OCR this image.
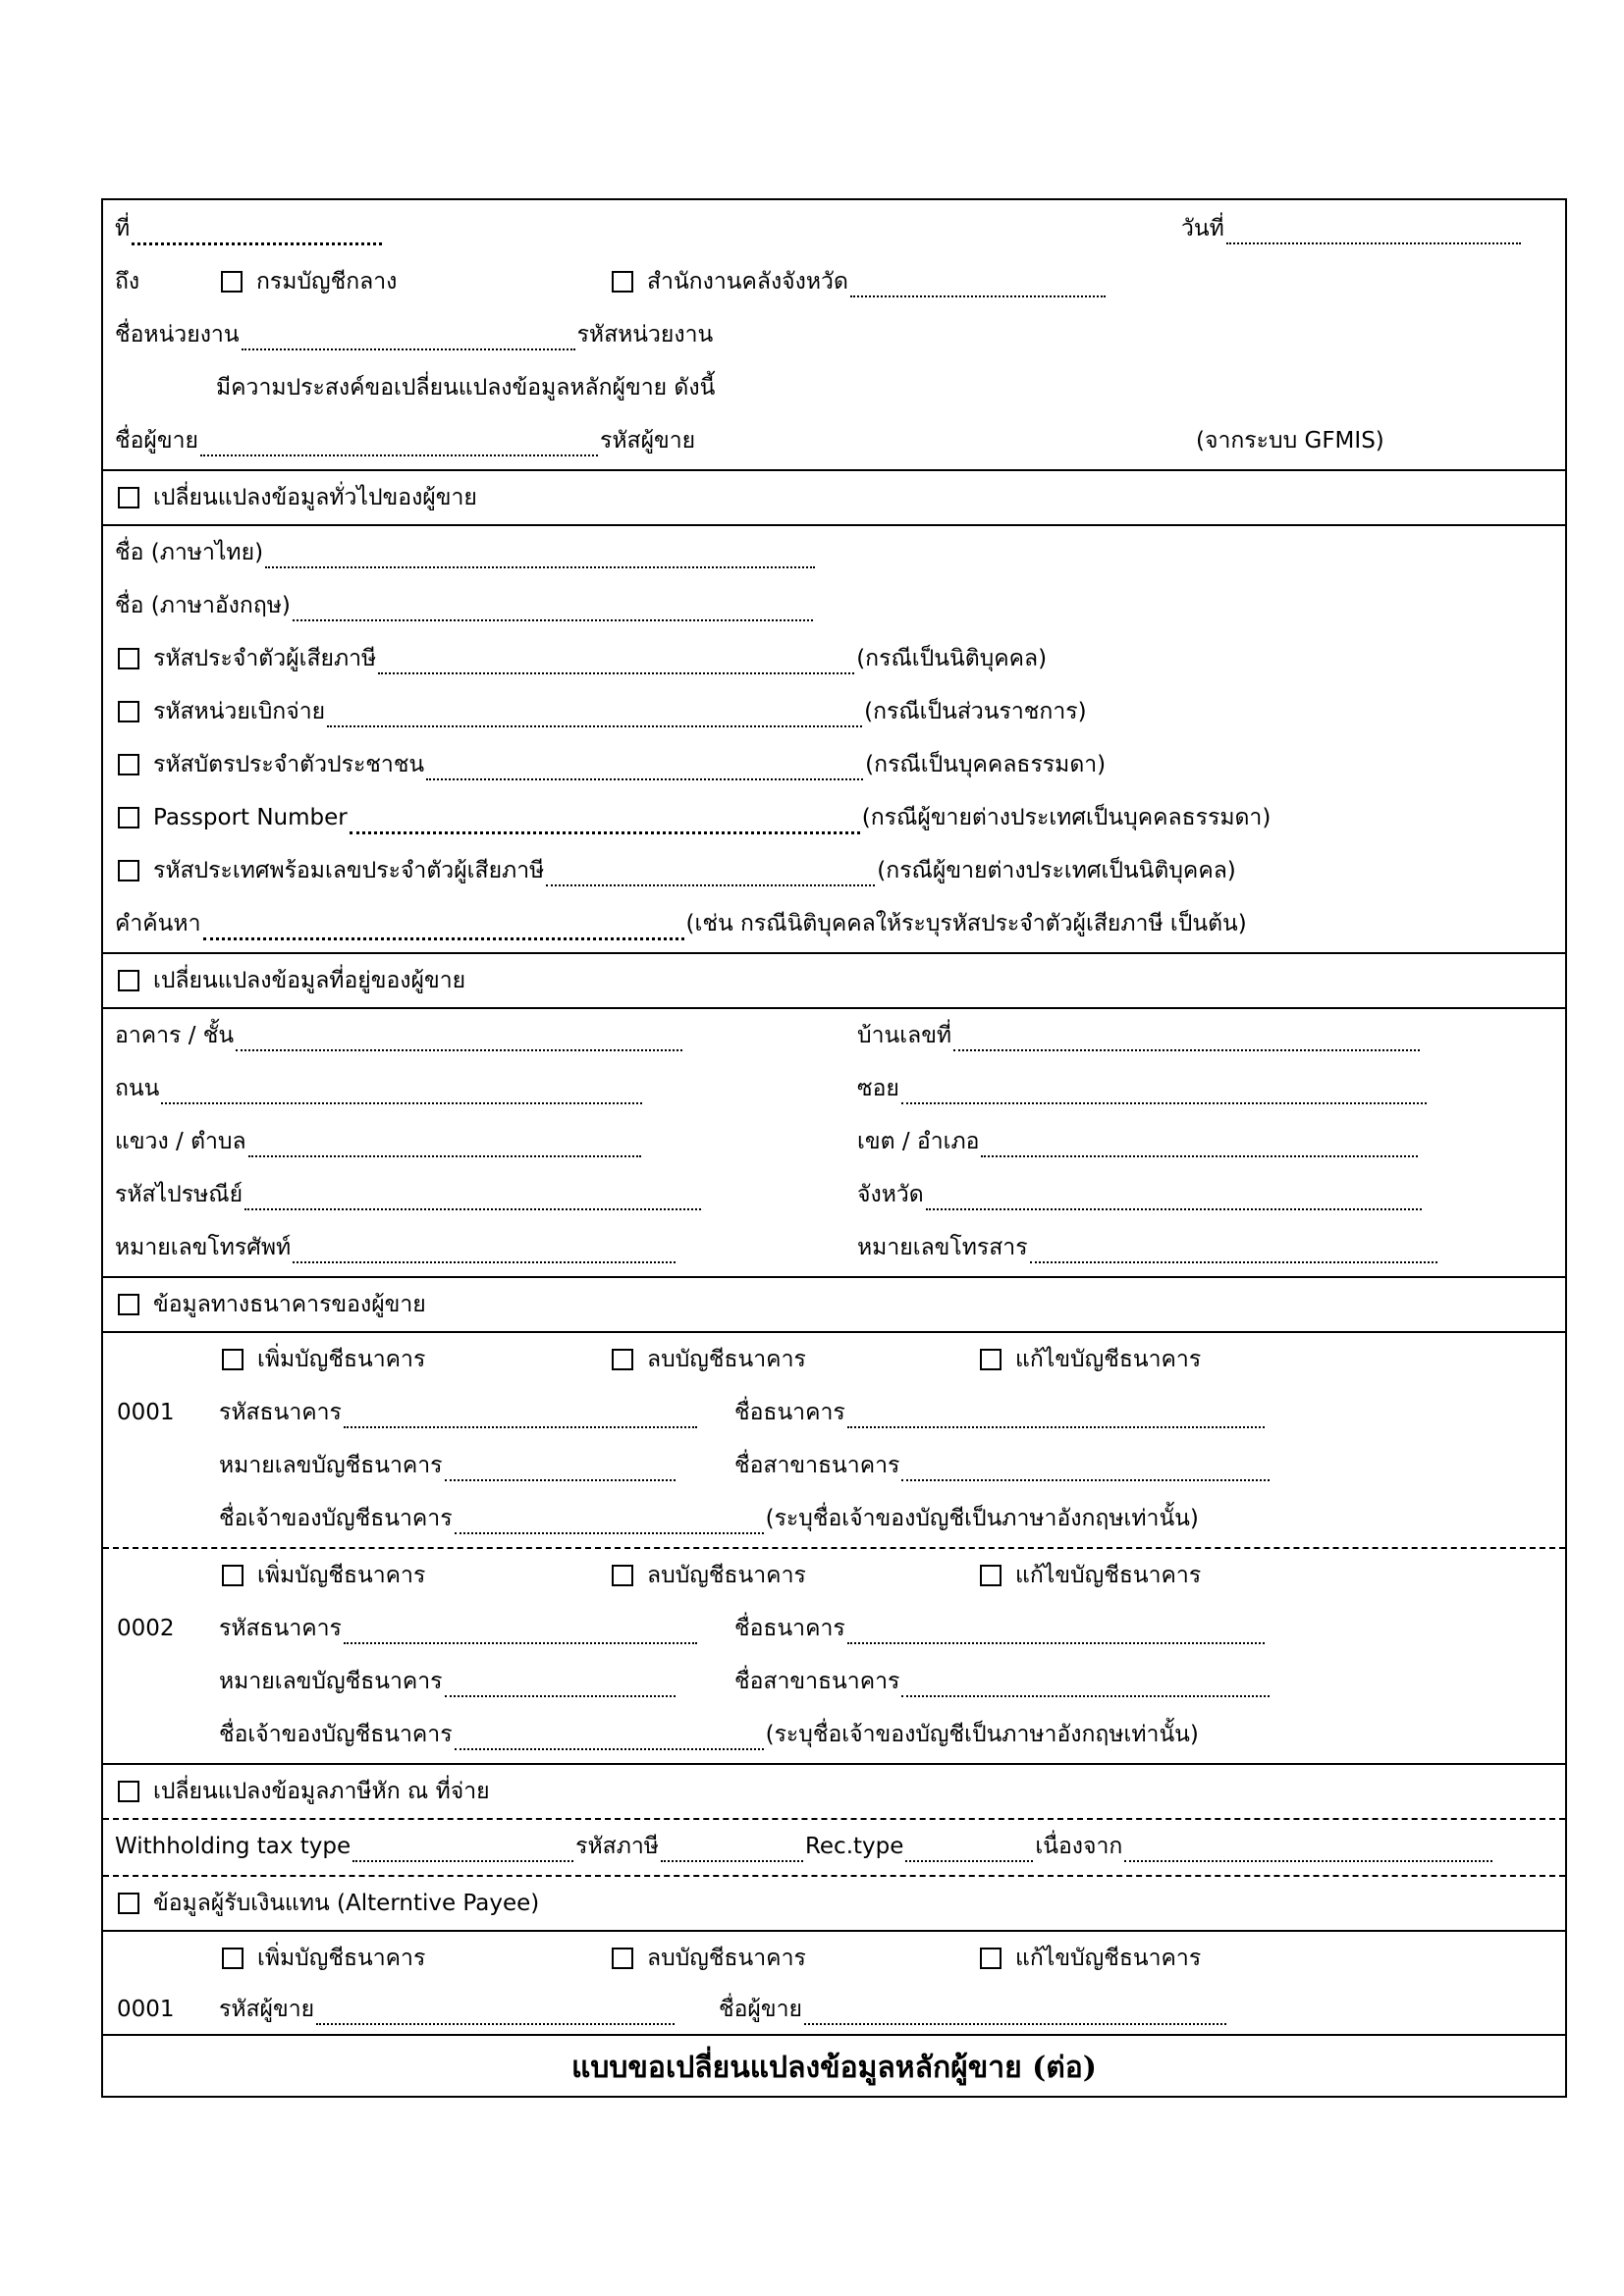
ที่	วันที่
ถึง	กรมบัญชีกลาง	สำนักงานคลังจังหวัด
ชื่อหน่วยงาน	รหัสหน่วยงาน
มีความประสงค์ขอเปลี่ยนแปลงข้อมูลหลักผู้ขาย ดังนี้
ชื่อผู้ขาย	รหัสผู้ขาย	(จากระบบ GFMIS)
เปลี่ยนแปลงข้อมูลทั่วไปของผู้ขาย
ชื่อ (ภาษาไทย)
ชื่อ (ภาษาอังกฤษ)
รหัสประจำตัวผู้เสียภาษี	(กรณีเป็นนิติบุคคล)
รหัสหน่วยเบิกจ่าย	(กรณีเป็นส่วนราชการ)
รหัสบัตรประจำตัวประชาชน	(กรณีเป็นบุคคลธรรมดา)
Passport Number	(กรณีผู้ขายต่างประเทศเป็นบุคคลธรรมดา)
รหัสประเทศพร้อมเลขประจำตัวผู้เสียภาษี	(กรณีผู้ขายต่างประเทศเป็นนิติบุคคล)
คำค้นหา	(เช่น กรณีนิติบุคคลให้ระบุรหัสประจำตัวผู้เสียภาษี เป็นต้น)
เปลี่ยนแปลงข้อมูลที่อยู่ของผู้ขาย
อาคาร / ชั้น	บ้านเลขที่
ถนน	ซอย
แขวง / ตำบล	เขต / อำเภอ
รหัสไปรษณีย์	จังหวัด
หมายเลขโทรศัพท์	หมายเลขโทรสาร
ข้อมูลทางธนาคารของผู้ขาย
เพิ่มบัญชีธนาคาร	ลบบัญชีธนาคาร	แก้ไขบัญชีธนาคาร
0001 รหัสธนาคาร	ชื่อธนาคาร
หมายเลขบัญชีธนาคาร	ชื่อสาขาธนาคาร
ชื่อเจ้าของบัญชีธนาคาร	(ระบุชื่อเจ้าของบัญชีเป็นภาษาอังกฤษเท่านั้น)
เพิ่มบัญชีธนาคาร	ลบบัญชีธนาคาร	แก้ไขบัญชีธนาคาร
0002 รหัสธนาคาร	ชื่อธนาคาร
หมายเลขบัญชีธนาคาร	ชื่อสาขาธนาคาร
ชื่อเจ้าของบัญชีธนาคาร	(ระบุชื่อเจ้าของบัญชีเป็นภาษาอังกฤษเท่านั้น)
เปลี่ยนแปลงข้อมูลภาษีหัก ณ ที่จ่าย
Withholding tax type	รหัสภาษี	Rec.type	เนื่องจาก
ข้อมูลผู้รับเงินแทน (Alterntive Payee)
เพิ่มบัญชีธนาคาร	ลบบัญชีธนาคาร	แก้ไขบัญชีธนาคาร
0001 รหัสผู้ขาย	ชื่อผู้ขาย
แบบขอเปลี่ยนแปลงข้อมูลหลักผู้ขาย (ต่อ)
